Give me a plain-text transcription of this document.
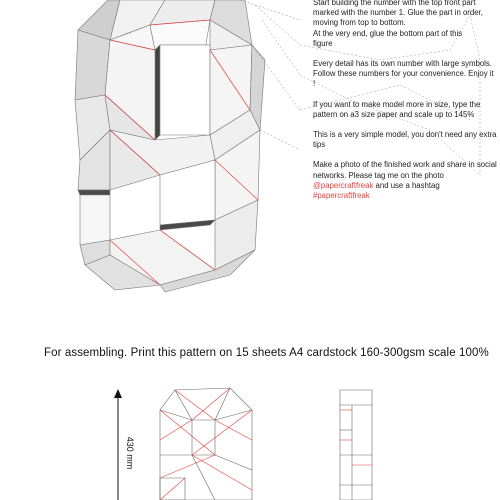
Start building the number with the top front part
marked with the number 1. Glue the part in order,
moving from top to bottom.
At the very end, glue the bottom part of this
figure

Every detail has its own number with large symbols. Follow these numbers for your convenience. Enjoy it !

If you want to make model more in size, type the pattern on a3 size paper and scale up to 145%

This is a very simple model, you don't need any extra tips

Make a photo of the finished work and share in social networks. Please tag me on the photo @papercraftfreak and use a hashtag
#papercraftfreak

For assembling. Print this pattern on 15 sheets A4 cardstock 160-300gsm scale 100%
430 mm
